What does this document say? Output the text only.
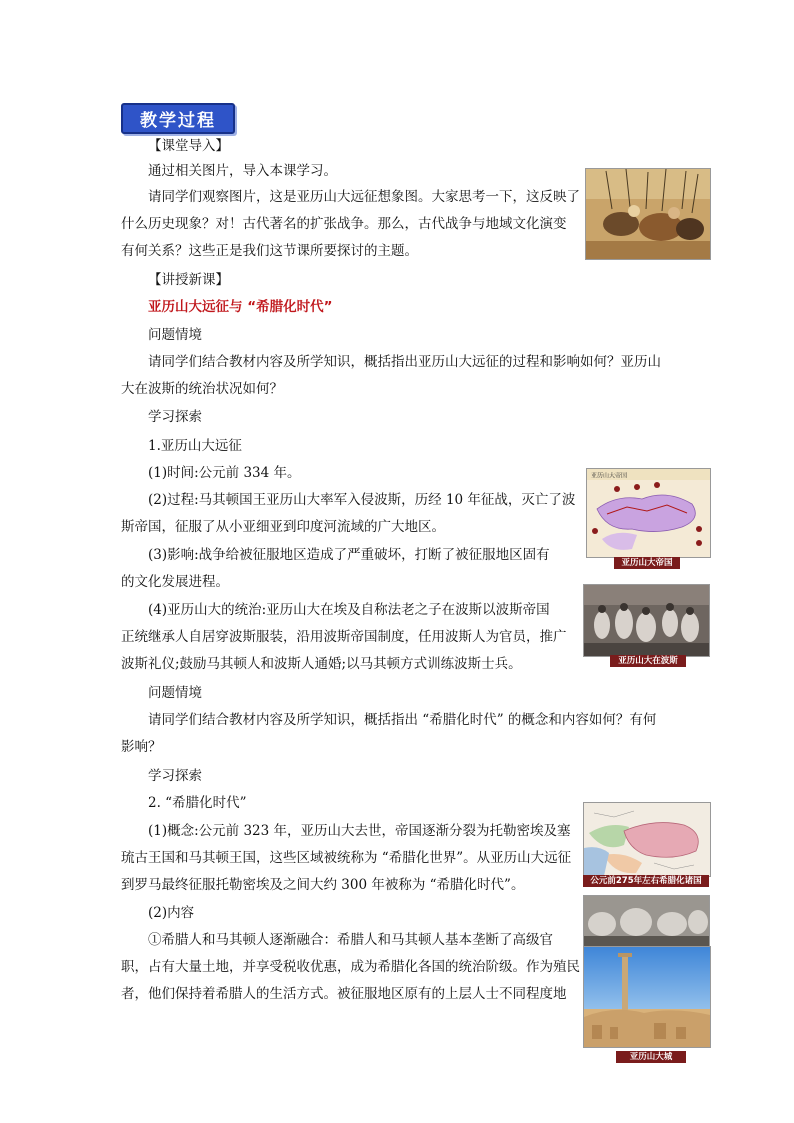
教学过程
【课堂导入】
通过相关图片，导入本课学习。
请同学们观察图片，这是亚历山大远征想象图。大家思考一下，这反映了
什么历史现象？对！古代著名的扩张战争。那么，古代战争与地域文化演变
有何关系？这些正是我们这节课所要探讨的主题。
【讲授新课】
亚历山大远征与 “希腊化时代”
问题情境
请同学们结合教材内容及所学知识，概括指出亚历山大远征的过程和影响如何？亚历山
大在波斯的统治状况如何？
学习探索
1.亚历山大远征
(1)时间:公元前 334 年。
(2)过程:马其顿国王亚历山大率军入侵波斯，历经 10 年征战，灭亡了波
斯帝国，征服了从小亚细亚到印度河流域的广大地区。
(3)影响:战争给被征服地区造成了严重破坏，打断了被征服地区固有
的文化发展进程。
(4)亚历山大的统治:亚历山大在埃及自称法老之子在波斯以波斯帝国
正统继承人自居穿波斯服装，沿用波斯帝国制度，任用波斯人为官员，推广
波斯礼仪;鼓励马其顿人和波斯人通婚;以马其顿方式训练波斯士兵。
问题情境
请同学们结合教材内容及所学知识，概括指出 “希腊化时代” 的概念和内容如何？有何
影响？
学习探索
2. “希腊化时代”
(1)概念:公元前 323 年，亚历山大去世，帝国逐渐分裂为托勒密埃及塞
琉古王国和马其顿王国，这些区域被统称为 “希腊化世界”。从亚历山大远征
到罗马最终征服托勒密埃及之间大约 300 年被称为 “希腊化时代”。
(2)内容
①希腊人和马其顿人逐渐融合：希腊人和马其顿人基本垄断了高级官
职，占有大量土地，并享受税收优惠，成为希腊化各国的统治阶级。作为殖民
者，他们保持着希腊人的生活方式。被征服地区原有的上层人士不同程度地
亚历山大帝国
亚历山大帝国
亚历山大在波斯
公元前275年左右希腊化诸国
亚历山大城
